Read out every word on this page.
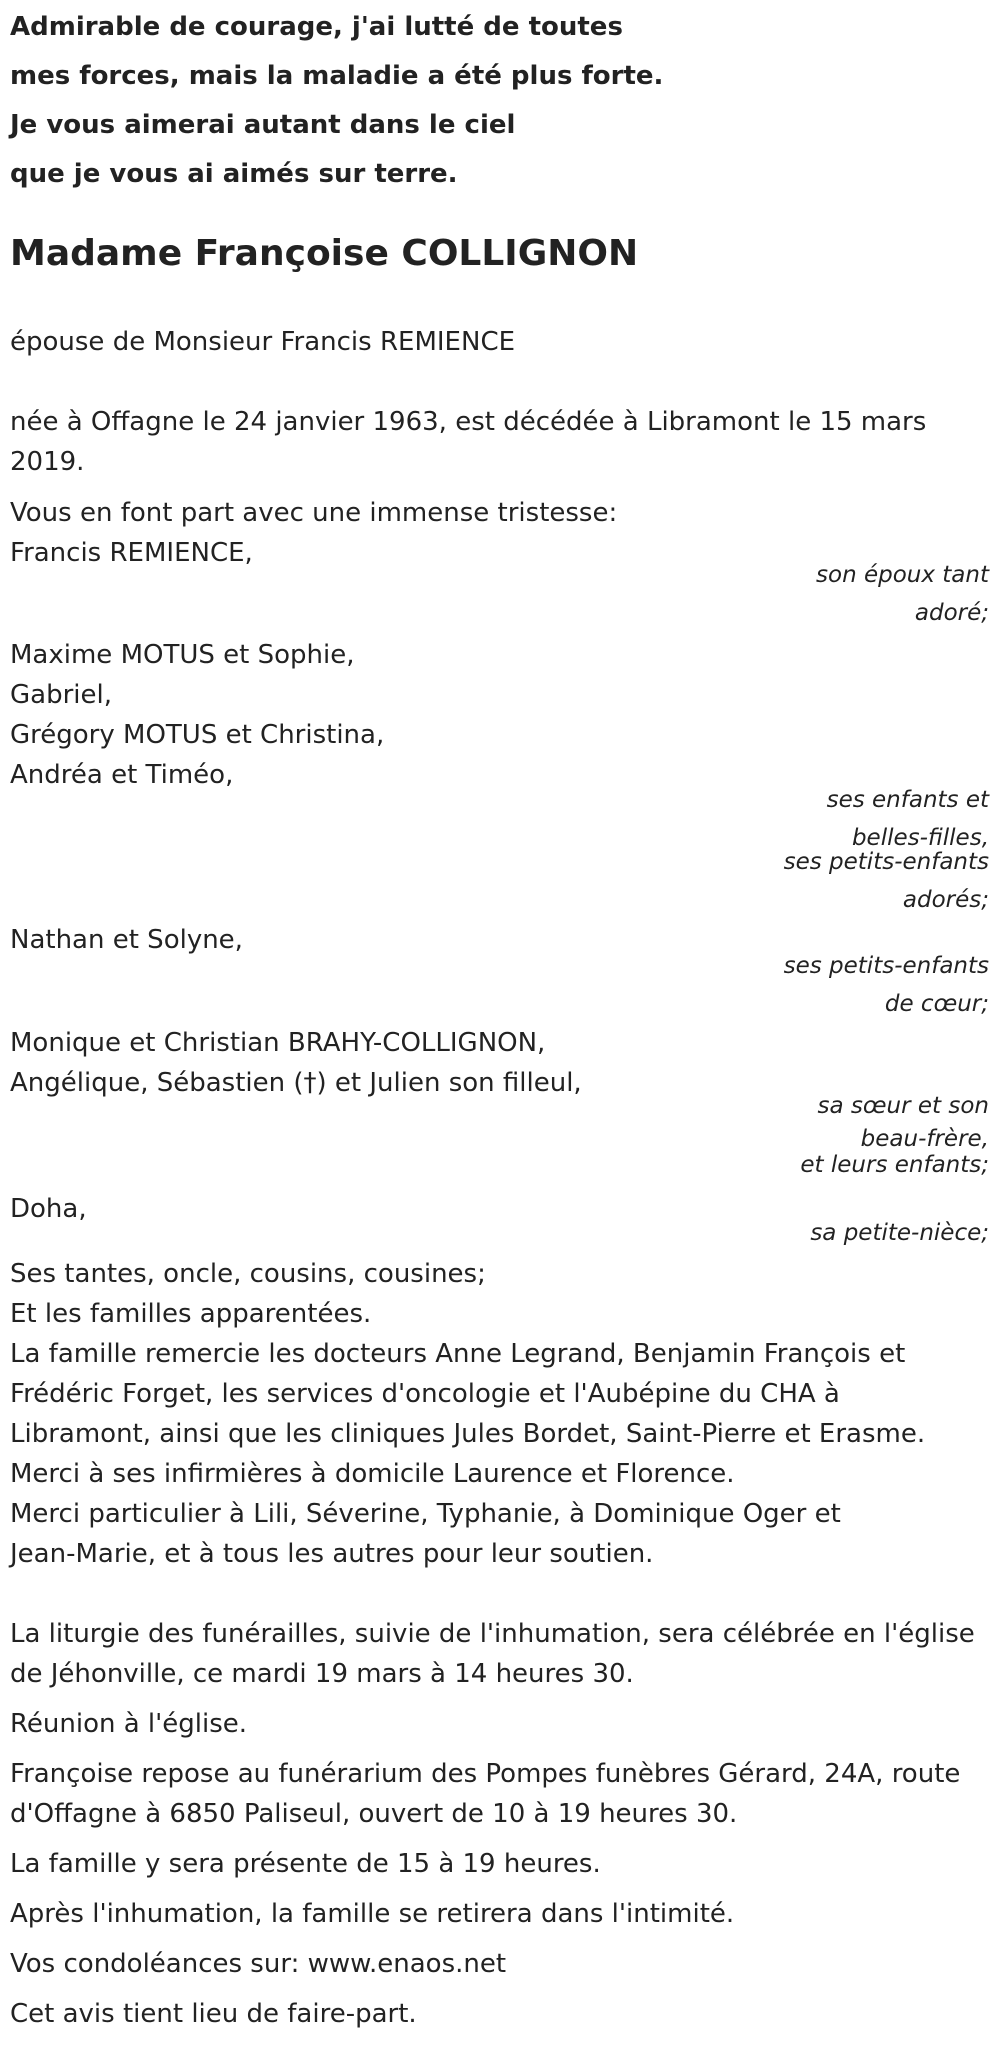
Admirable de courage, j'ai lutté de toutes

mes forces, mais la maladie a été plus forte.

Je vous aimerai autant dans le ciel

que je vous ai aimés sur terre.

Madame Françoise COLLIGNON

épouse de Monsieur Francis REMIENCE

née à Offagne le 24 janvier 1963, est décédée à Libramont le 15 mars

2019.

Vous en font part avec une immense tristesse:

Francis REMIENCE,

son époux tant
adoré;

Maxime MOTUS et Sophie,

Gabriel,

Grégory MOTUS et Christina,

Andréa et Timéo,

ses enfants et
belles-filles,
ses petits-enfants
adorés;

Nathan et Solyne,

ses petits-enfants
de cœur;

Monique et Christian BRAHY-COLLIGNON,

Angélique, Sébastien (†) et Julien son filleul,

sa sœur et son
beau-frère,
et leurs enfants;

Doha,

sa petite-nièce;

Ses tantes, oncle, cousins, cousines;

Et les familles apparentées.

La famille remercie les docteurs Anne Legrand, Benjamin François et

Frédéric Forget, les services d'oncologie et l'Aubépine du CHA à

Libramont, ainsi que les cliniques Jules Bordet, Saint-Pierre et Erasme.

Merci à ses infirmières à domicile Laurence et Florence.

Merci particulier à Lili, Séverine, Typhanie, à Dominique Oger et

Jean-Marie, et à tous les autres pour leur soutien.

La liturgie des funérailles, suivie de l'inhumation, sera célébrée en l'église

de Jéhonville, ce mardi 19 mars à 14 heures 30.

Réunion à l'église.

Françoise repose au funérarium des Pompes funèbres Gérard, 24A, route

d'Offagne à 6850 Paliseul, ouvert de 10 à 19 heures 30.

La famille y sera présente de 15 à 19 heures.

Après l'inhumation, la famille se retirera dans l'intimité.

Vos condoléances sur: www.enaos.net

Cet avis tient lieu de faire-part.
